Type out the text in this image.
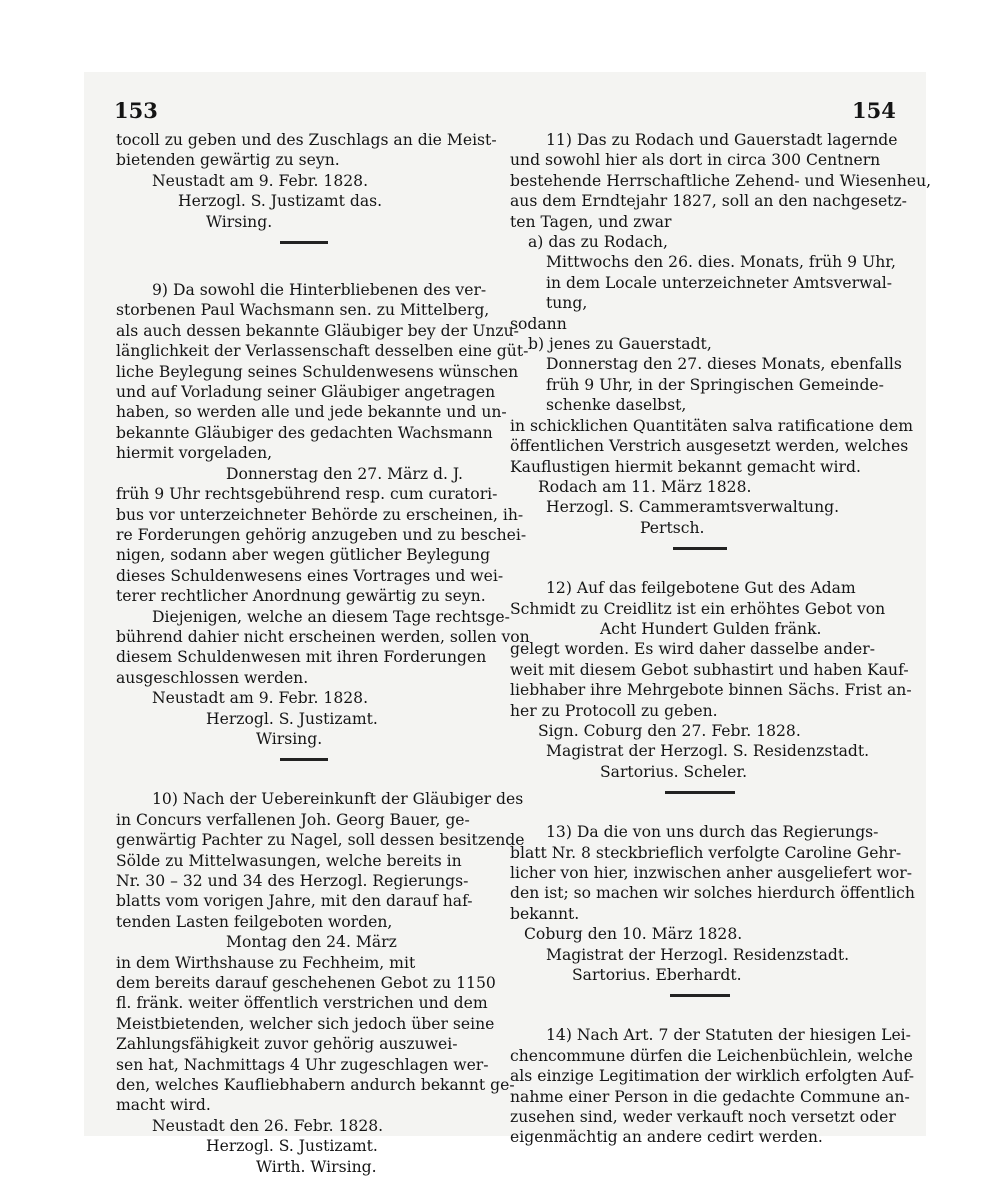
153	154

tocoll zu geben und des Zuschlags an die Meist-

bietenden gewärtig zu seyn.

Neustadt am 9. Febr. 1828.

Herzogl. S. Justizamt das.

Wirsing.

9) Da sowohl die Hinterbliebenen des ver-

storbenen Paul Wachsmann sen. zu Mittelberg,

als auch dessen bekannte Gläubiger bey der Unzu-

länglichkeit der Verlassenschaft desselben eine güt-

liche Beylegung seines Schuldenwesens wünschen

und auf Vorladung seiner Gläubiger angetragen

haben, so werden alle und jede bekannte und un-

bekannte Gläubiger des gedachten Wachsmann

hiermit vorgeladen,

Donnerstag den 27. März d. J.

früh 9 Uhr rechtsgebührend resp. cum curatori-

bus vor unterzeichneter Behörde zu erscheinen, ih-

re Forderungen gehörig anzugeben und zu beschei-

nigen, sodann aber wegen gütlicher Beylegung

dieses Schuldenwesens eines Vortrages und wei-

terer rechtlicher Anordnung gewärtig zu seyn.

Diejenigen, welche an diesem Tage rechtsge-

bührend dahier nicht erscheinen werden, sollen von

diesem Schuldenwesen mit ihren Forderungen

ausgeschlossen werden.

Neustadt am 9. Febr. 1828.

Herzogl. S. Justizamt.

Wirsing.

10) Nach der Uebereinkunft der Gläubiger des

in Concurs verfallenen Joh. Georg Bauer, ge-

genwärtig Pachter zu Nagel, soll dessen besitzende

Sölde zu Mittelwasungen, welche bereits in

Nr. 30 – 32 und 34 des Herzogl. Regierungs-

blatts vom vorigen Jahre, mit den darauf haf-

tenden Lasten feilgeboten worden,

Montag den 24. März

in dem Wirthshause zu Fechheim, mit

dem bereits darauf geschehenen Gebot zu 1150

fl. fränk. weiter öffentlich verstrichen und dem

Meistbietenden, welcher sich jedoch über seine

Zahlungsfähigkeit zuvor gehörig auszuwei-

sen hat, Nachmittags 4 Uhr zugeschlagen wer-

den, welches Kaufliebhabern andurch bekannt ge-

macht wird.

Neustadt den 26. Febr. 1828.

Herzogl. S. Justizamt.

Wirth. Wirsing.

11) Das zu Rodach und Gauerstadt lagernde

und sowohl hier als dort in circa 300 Centnern

bestehende Herrschaftliche Zehend- und Wiesenheu,

aus dem Erndtejahr 1827, soll an den nachgesetz-

ten Tagen, und zwar

a) das zu Rodach,

Mittwochs den 26. dies. Monats, früh 9 Uhr,

in dem Locale unterzeichneter Amtsverwal-

tung,

sodann

b) jenes zu Gauerstadt,

Donnerstag den 27. dieses Monats, ebenfalls

früh 9 Uhr, in der Springischen Gemeinde-

schenke daselbst,

in schicklichen Quantitäten salva ratificatione dem

öffentlichen Verstrich ausgesetzt werden, welches

Kauflustigen hiermit bekannt gemacht wird.

Rodach am 11. März 1828.

Herzogl. S. Cammeramtsverwaltung.

Pertsch.

12) Auf das feilgebotene Gut des Adam

Schmidt zu Creidlitz ist ein erhöhtes Gebot von

Acht Hundert Gulden fränk.

gelegt worden. Es wird daher dasselbe ander-

weit mit diesem Gebot subhastirt und haben Kauf-

liebhaber ihre Mehrgebote binnen Sächs. Frist an-

her zu Protocoll zu geben.

Sign. Coburg den 27. Febr. 1828.

Magistrat der Herzogl. S. Residenzstadt.

Sartorius. Scheler.

13) Da die von uns durch das Regierungs-

blatt Nr. 8 steckbrieflich verfolgte Caroline Gehr-

licher von hier, inzwischen anher ausgeliefert wor-

den ist; so machen wir solches hierdurch öffentlich

bekannt.

Coburg den 10. März 1828.

Magistrat der Herzogl. Residenzstadt.

Sartorius. Eberhardt.

14) Nach Art. 7 der Statuten der hiesigen Lei-

chencommune dürfen die Leichenbüchlein, welche

als einzige Legitimation der wirklich erfolgten Auf-

nahme einer Person in die gedachte Commune an-

zusehen sind, weder verkauft noch versetzt oder

eigenmächtig an andere cedirt werden.
